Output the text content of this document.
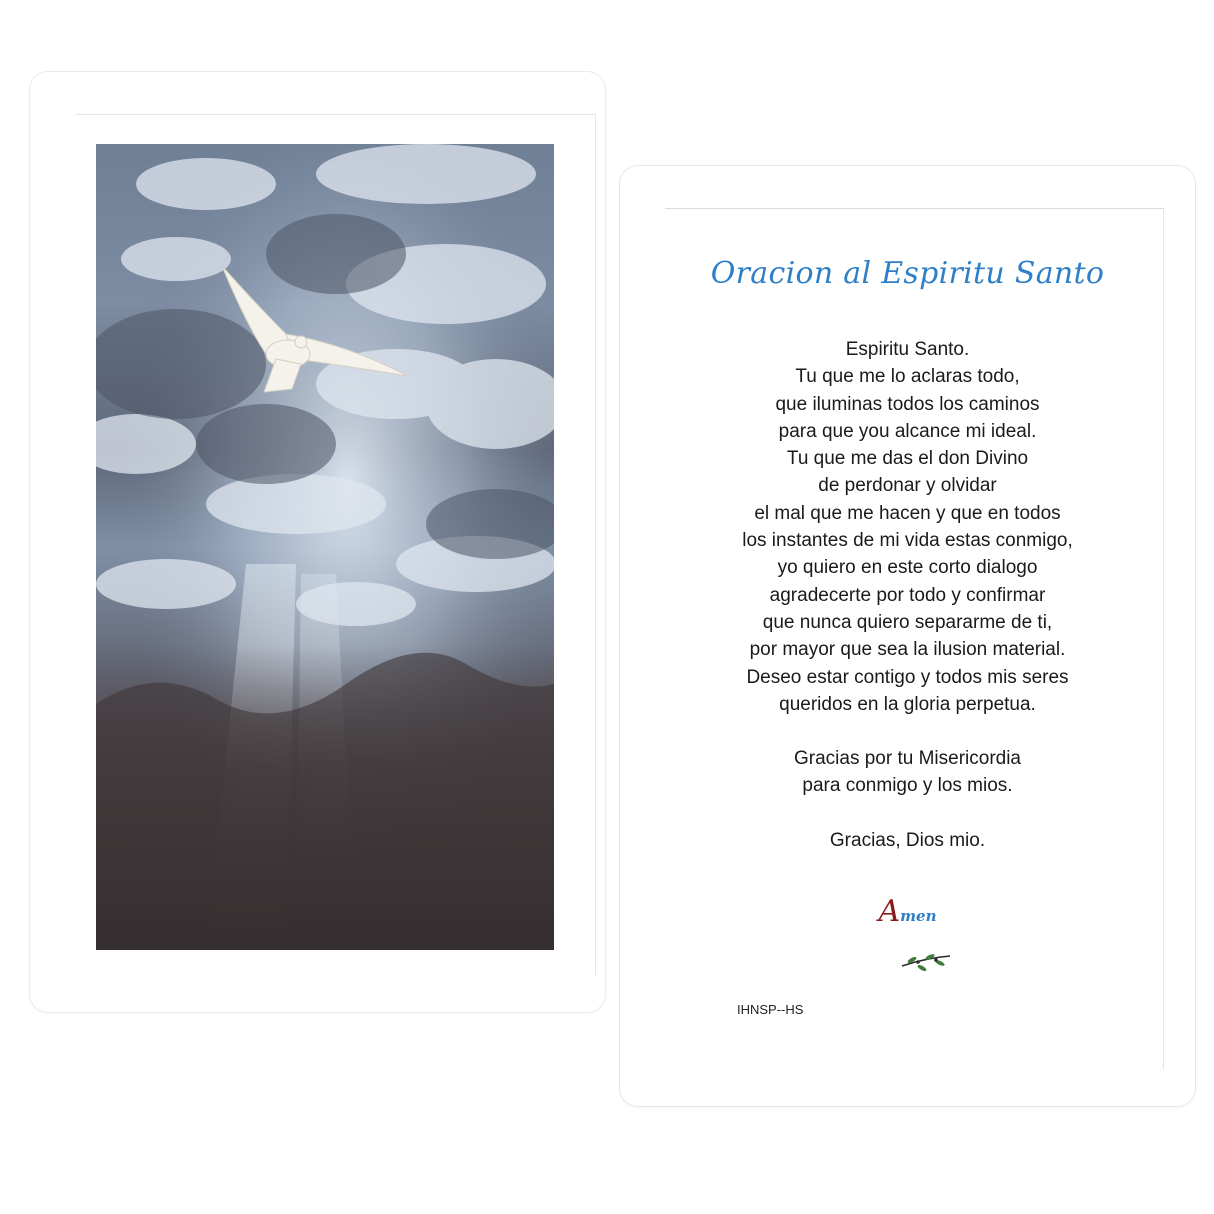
Oracion al Espiritu Santo
Espiritu Santo.
Tu que me lo aclaras todo,
que iluminas todos los caminos
para que you alcance mi ideal.
Tu que me das el don Divino
de perdonar y olvidar
el mal que me hacen y que en todos
los instantes de mi vida estas conmigo,
yo quiero en este corto dialogo
agradecerte por todo y confirmar
que nunca quiero separarme de ti,
por mayor que sea la ilusion material.
Deseo estar contigo y todos mis seres
queridos en la gloria perpetua.
Gracias por tu Misericordia
para conmigo y los mios.
Gracias, Dios mio.
Amen
IHNSP--HS
